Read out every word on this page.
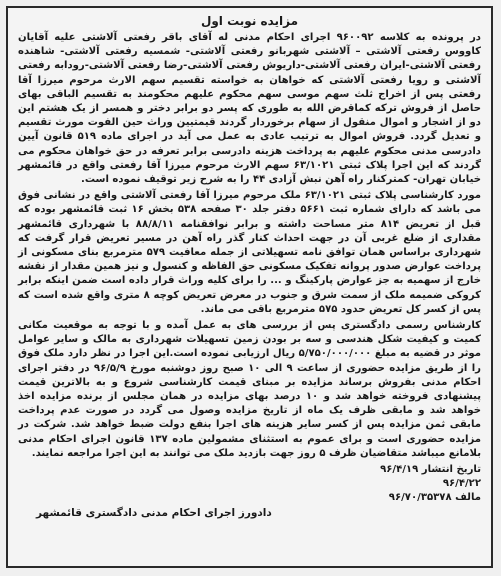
مزایده نوبت اول

در پرونده به کلاسه ۹۶۰۰۹۲ اجرای احکام مدنی له آقای باقر رفعتی آلاشتی علیه آقایان کاووس رفعتی آلاشتی – آلاشتی شهربانو رفعتی آلاشتی- شمسیه رفعتی آلاشتی- شاهنده رفعتی آلاشتی-ایران رفعتی آلاشتی-داریوش رفعتی آلاشتی-رضا رفعتی آلاشتی-رودابه رفعتی آلاشتی و رویا رفعتی آلاشتی که خواهان به خواسته تقسیم سهم الارث مرحوم میرزا آقا رفعتی پس از اخراج ثلث سهم موسی سهم محکوم علیهم محکومند به تقسیم الباقی بهای حاصل از فروش ترکه کماقرض الله به طوری که پسر دو برابر دختر و همسر از یک هشتم این دو از اشجار و اموال منقول از سهام برخوردار گردند قیمتیین وراث حین الفوت مورث تقسیم و تعدیل گردد. فروش اموال به ترتیب عادی به عمل می آید در اجرای ماده ۵۱۹ قانون آیین دادرسی مدنی محکوم علیهم به پرداخت هزینه دادرسی برابر تعرفه در حق خواهان محکوم می گردند که این اجرا پلاک ثبتی ۶۳/۱۰۲۱ سهم الارث مرحوم میرزا آقا رفعتی واقع در قائمشهر خیابان تهران- کمترکنار راه آهن نبش آزادی ۴۴ را به شرح زیر توقیف نموده است.

مورد کارشناسی پلاک ثبتی ۶۳/۱۰۲۱ ملک مرحوم میرزا آقا رفعتی آلاشتی واقع در نشانی فوق می باشد که دارای شماره ثبت ۵۶۶۱ دفتر جلد ۳۰ صفحه ۵۳۸ بخش ۱۶ ثبت قائمشهر بوده که قبل از تعریض ۸۱۴ متر مساحت داشته و برابر نوافقنامه ۸۸/۸/۱۱ با شهرداری قائمشهر مقداری از ضلع غربی آن در جهت احداث کنار گذر راه آهن در مسیر تعریض قرار گرفت که شهرداری براساس همان توافق نامه تسهیلاتی از جمله معافیت ۵۷۹ مترمربع بنای مسکونی از پرداخت عوارض صدور پروانه تفکیک مسکونی حق الفاظه و کنسول و نیز همین مقدار از نقشه خارج از سهمیه به جز عوارض پارکینگ و ... را برای کلیه وراث قرار داده است ضمن اینکه برابر کروکی ضمیمه ملک از سمت شرق و جنوب در معرض تعریض کوچه ۸ متری واقع شده است که پس از کسر کل تعریض حدود ۵۷۵ مترمربع باقی می ماند.

کارشناس رسمی دادگستری پس از بررسی های به عمل آمده و با توجه به موقعیت مکانی کمیت و کیفیت شکل هندسی و سه بر بودن زمین تسهیلات شهرداری به مالک و سایر عوامل موثر در قضیه به مبلغ ۵/۷۵۰/۰۰۰/۰۰۰ ریال ارزیابی نموده است.این اجرا در نظر دارد ملک فوق را از طریق مزایده حضوری از ساعت ۹ الی ۱۰ صبح روز دوشنبه مورخ ۹۶/۵/۹ در دفتر اجرای احکام مدنی بفروش برساند مزایده بر مبنای قیمت کارشناسی شروع و به بالاترین قیمت پیشنهادی فروخته خواهد شد و ۱۰ درصد بهای مزایده در همان مجلس از برنده مزایده اخذ خواهد شد و مابقی ظرف یک ماه از تاریخ مزایده وصول می گردد در صورت عدم پرداخت مابقی ثمن مزایده پس از کسر سایر هزینه های اجرا بنفع دولت ضبط خواهد شد. شرکت در مزایده حضوری است و برای عموم به استثنای مشمولین ماده ۱۳۷ قانون اجرای احکام مدنی بلامانع میباشد متقاضیان ظرف ۵ روز جهت بازدید ملک می توانند به این اجرا مراجعه نمایند.

تاریخ انتشار ۹۶/۴/۱۹

۹۶/۴/۲۲

مالف ۹۶/۷۰/۳۵۳۷۸

دادورز اجرای احکام مدنی دادگستری قائمشهر
